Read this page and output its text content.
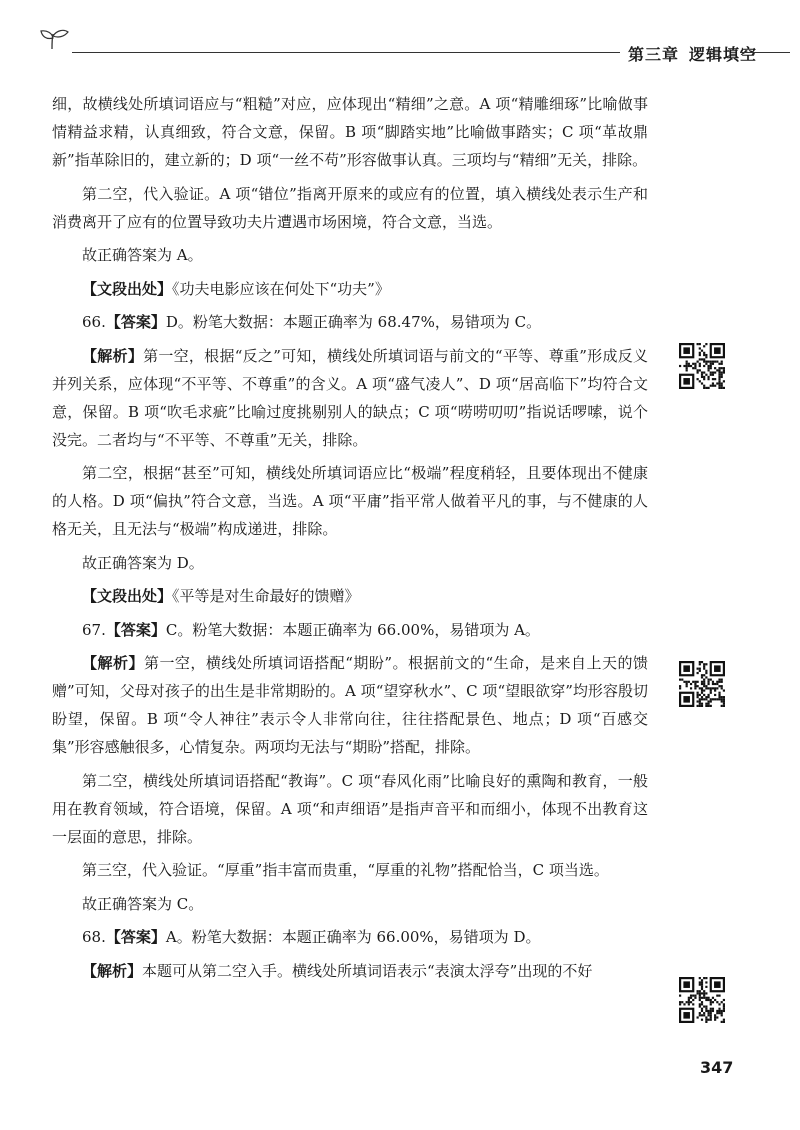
第三章 逻辑填空

细，故横线处所填词语应与“粗糙”对应，应体现出“精细”之意。A 项“精雕细琢”比喻做事情精益求精，认真细致，符合文意，保留。B 项“脚踏实地”比喻做事踏实；C 项“革故鼎新”指革除旧的，建立新的；D 项“一丝不苟”形容做事认真。三项均与“精细”无关，排除。

第二空，代入验证。A 项“错位”指离开原来的或应有的位置，填入横线处表示生产和消费离开了应有的位置导致功夫片遭遇市场困境，符合文意，当选。

故正确答案为 A。

【文段出处】《功夫电影应该在何处下“功夫”》

66.【答案】D。粉笔大数据：本题正确率为 68.47%，易错项为 C。

【解析】第一空，根据“反之”可知，横线处所填词语与前文的“平等、尊重”形成反义并列关系，应体现“不平等、不尊重”的含义。A 项“盛气凌人”、D 项“居高临下”均符合文意，保留。B 项“吹毛求疵”比喻过度挑剔别人的缺点；C 项“唠唠叨叨”指说话啰嗦，说个没完。二者均与“不平等、不尊重”无关，排除。

第二空，根据“甚至”可知，横线处所填词语应比“极端”程度稍轻，且要体现出不健康的人格。D 项“偏执”符合文意，当选。A 项“平庸”指平常人做着平凡的事，与不健康的人格无关，且无法与“极端”构成递进，排除。

故正确答案为 D。

【文段出处】《平等是对生命最好的馈赠》

67.【答案】C。粉笔大数据：本题正确率为 66.00%，易错项为 A。

【解析】第一空，横线处所填词语搭配“期盼”。根据前文的“生命，是来自上天的馈赠”可知，父母对孩子的出生是非常期盼的。A 项“望穿秋水”、C 项“望眼欲穿”均形容殷切盼望，保留。B 项“令人神往”表示令人非常向往，往往搭配景色、地点；D 项“百感交集”形容感触很多，心情复杂。两项均无法与“期盼”搭配，排除。

第二空，横线处所填词语搭配“教诲”。C 项“春风化雨”比喻良好的熏陶和教育，一般用在教育领域，符合语境，保留。A 项“和声细语”是指声音平和而细小，体现不出教育这一层面的意思，排除。

第三空，代入验证。“厚重”指丰富而贵重，“厚重的礼物”搭配恰当，C 项当选。

故正确答案为 C。

68.【答案】A。粉笔大数据：本题正确率为 66.00%，易错项为 D。

【解析】本题可从第二空入手。横线处所填词语表示“表演太浮夸”出现的不好

347
